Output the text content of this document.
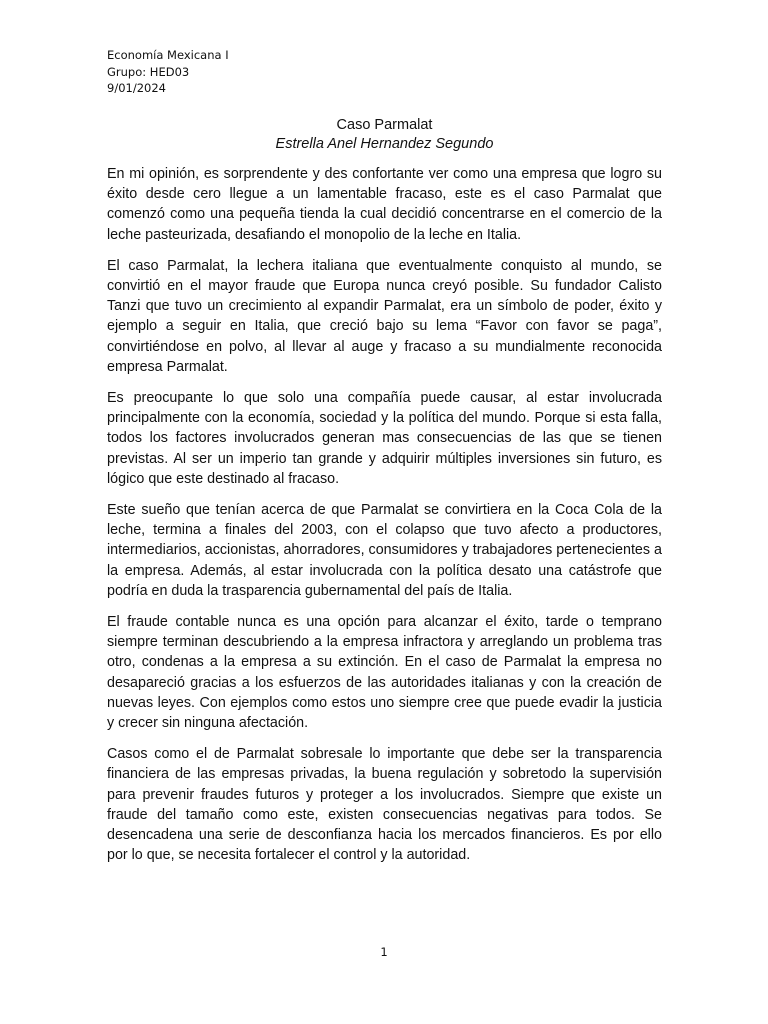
Economía Mexicana I
Grupo: HED03
9/01/2024
Caso Parmalat
Estrella Anel Hernandez Segundo

En mi opinión, es sorprendente y des confortante ver como una empresa que logro su éxito desde cero llegue a un lamentable fracaso, este es el caso Parmalat que comenzó como una pequeña tienda la cual decidió concentrarse en el comercio de la leche pasteurizada, desafiando el monopolio de la leche en Italia.

El caso Parmalat, la lechera italiana que eventualmente conquisto al mundo, se convirtió en el mayor fraude que Europa nunca creyó posible. Su fundador Calisto Tanzi que tuvo un crecimiento al expandir Parmalat, era un símbolo de poder, éxito y ejemplo a seguir en Italia, que creció bajo su lema “Favor con favor se paga”, convirtiéndose en polvo, al llevar al auge y fracaso a su mundialmente reconocida empresa Parmalat.

Es preocupante lo que solo una compañía puede causar, al estar involucrada principalmente con la economía, sociedad y la política del mundo. Porque si esta falla, todos los factores involucrados generan mas consecuencias de las que se tienen previstas. Al ser un imperio tan grande y adquirir múltiples inversiones sin futuro, es lógico que este destinado al fracaso.

Este sueño que tenían acerca de que Parmalat se convirtiera en la Coca Cola de la leche, termina a finales del 2003, con el colapso que tuvo afecto a productores, intermediarios, accionistas, ahorradores, consumidores y trabajadores pertenecientes a la empresa. Además, al estar involucrada con la política desato una catástrofe que podría en duda la trasparencia gubernamental del país de Italia.

El fraude contable nunca es una opción para alcanzar el éxito, tarde o temprano siempre terminan descubriendo a la empresa infractora y arreglando un problema tras otro, condenas a la empresa a su extinción. En el caso de Parmalat la empresa no desapareció gracias a los esfuerzos de las autoridades italianas y con la creación de nuevas leyes. Con ejemplos como estos uno siempre cree que puede evadir la justicia y crecer sin ninguna afectación.

Casos como el de Parmalat sobresale lo importante que debe ser la transparencia financiera de las empresas privadas, la buena regulación y sobretodo la supervisión para prevenir fraudes futuros y proteger a los involucrados. Siempre que existe un fraude del tamaño como este, existen consecuencias negativas para todos. Se desencadena una serie de desconfianza hacia los mercados financieros. Es por ello por lo que, se necesita fortalecer el control y la autoridad.

1
